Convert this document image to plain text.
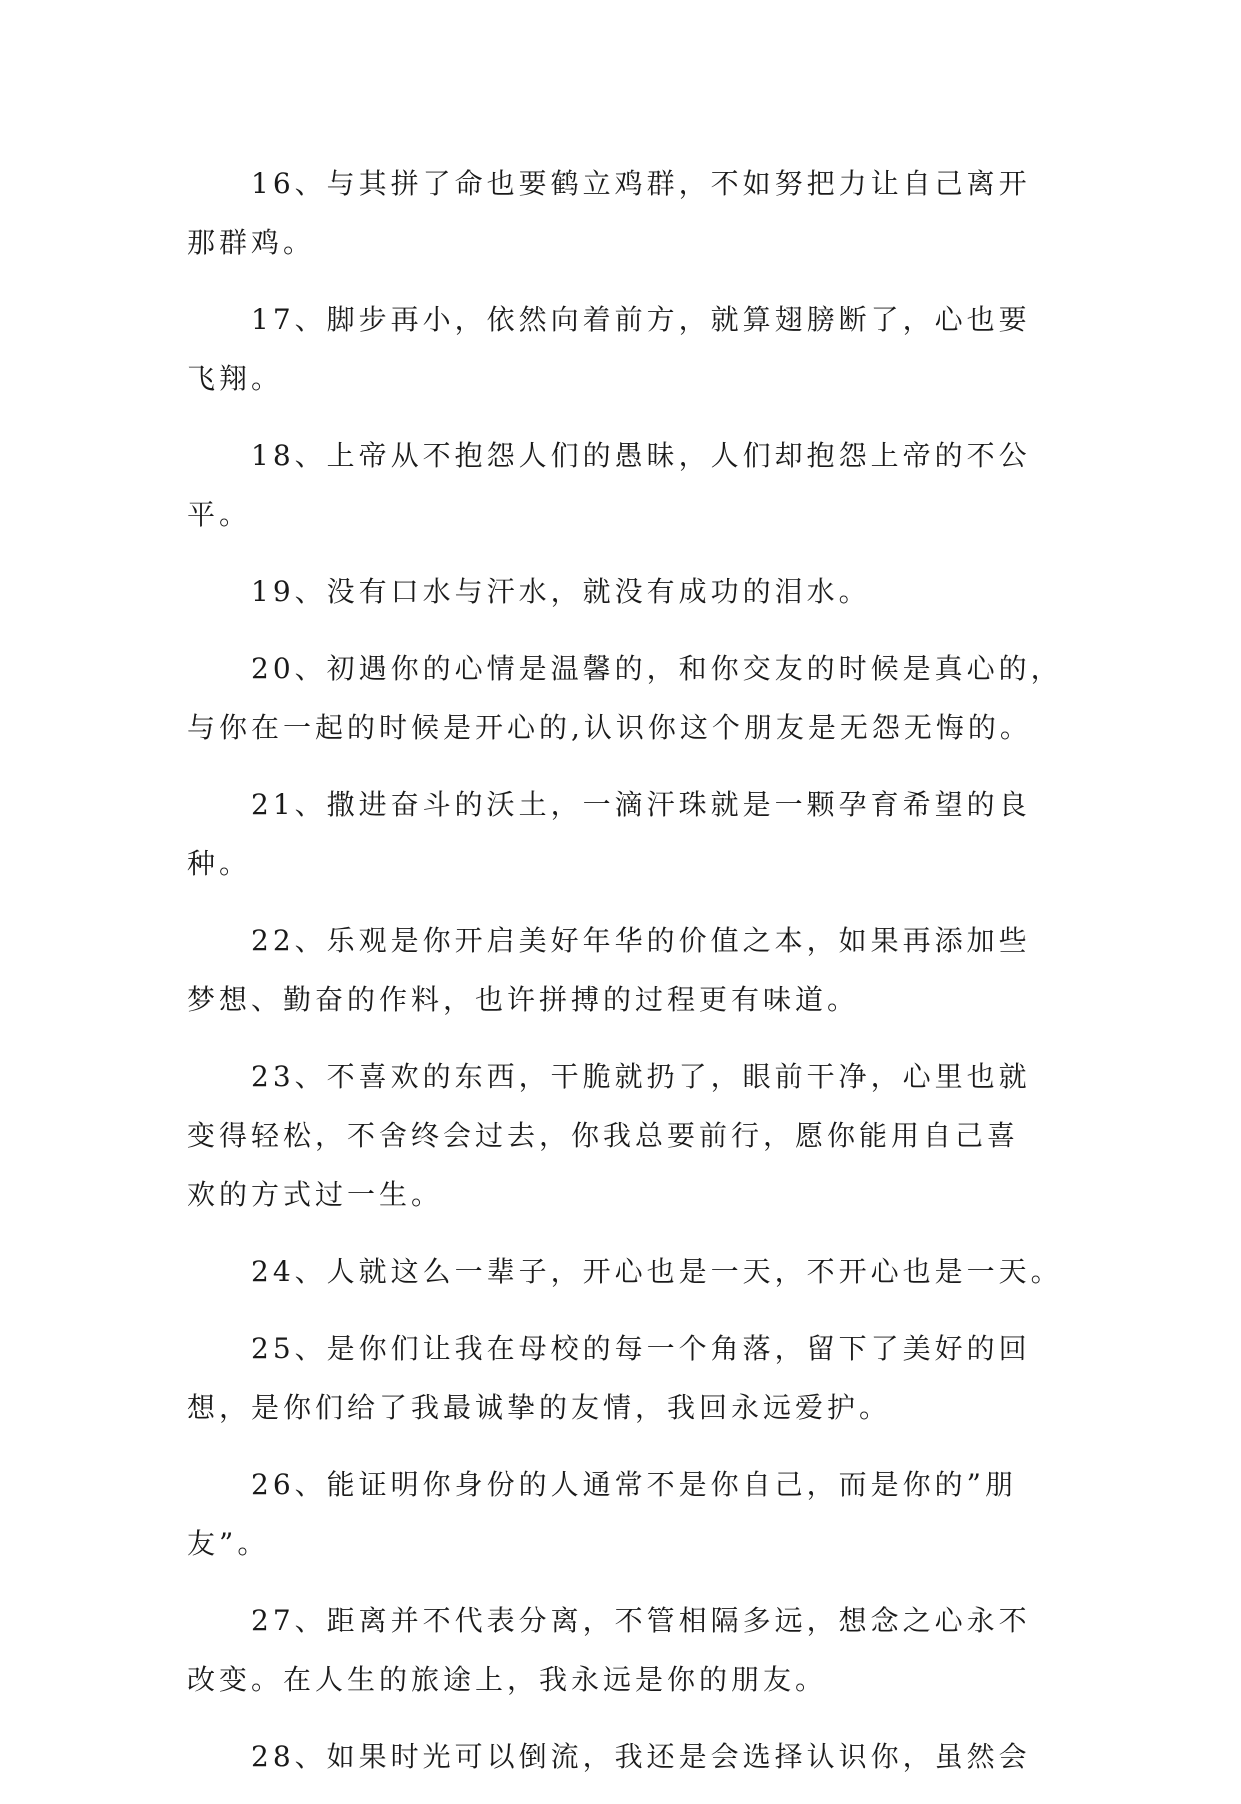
16、与其拼了命也要鹤立鸡群，不如努把力让自己离开
那群鸡。
17、脚步再小，依然向着前方，就算翅膀断了，心也要
飞翔。
18、上帝从不抱怨人们的愚昧，人们却抱怨上帝的不公
平。
19、没有口水与汗水，就没有成功的泪水。
20、初遇你的心情是温馨的，和你交友的时候是真心的，
与你在一起的时候是开心的,认识你这个朋友是无怨无悔的。
21、撒进奋斗的沃土，一滴汗珠就是一颗孕育希望的良
种。
22、乐观是你开启美好年华的价值之本，如果再添加些
梦想、勤奋的作料，也许拼搏的过程更有味道。
23、不喜欢的东西，干脆就扔了，眼前干净，心里也就
变得轻松，不舍终会过去，你我总要前行，愿你能用自己喜
欢的方式过一生。
24、人就这么一辈子，开心也是一天，不开心也是一天。
25、是你们让我在母校的每一个角落，留下了美好的回
想，是你们给了我最诚挚的友情，我回永远爱护。
26、能证明你身份的人通常不是你自己，而是你的”朋
友”。
27、距离并不代表分离，不管相隔多远，想念之心永不
改变。在人生的旅途上，我永远是你的朋友。
28、如果时光可以倒流，我还是会选择认识你，虽然会
